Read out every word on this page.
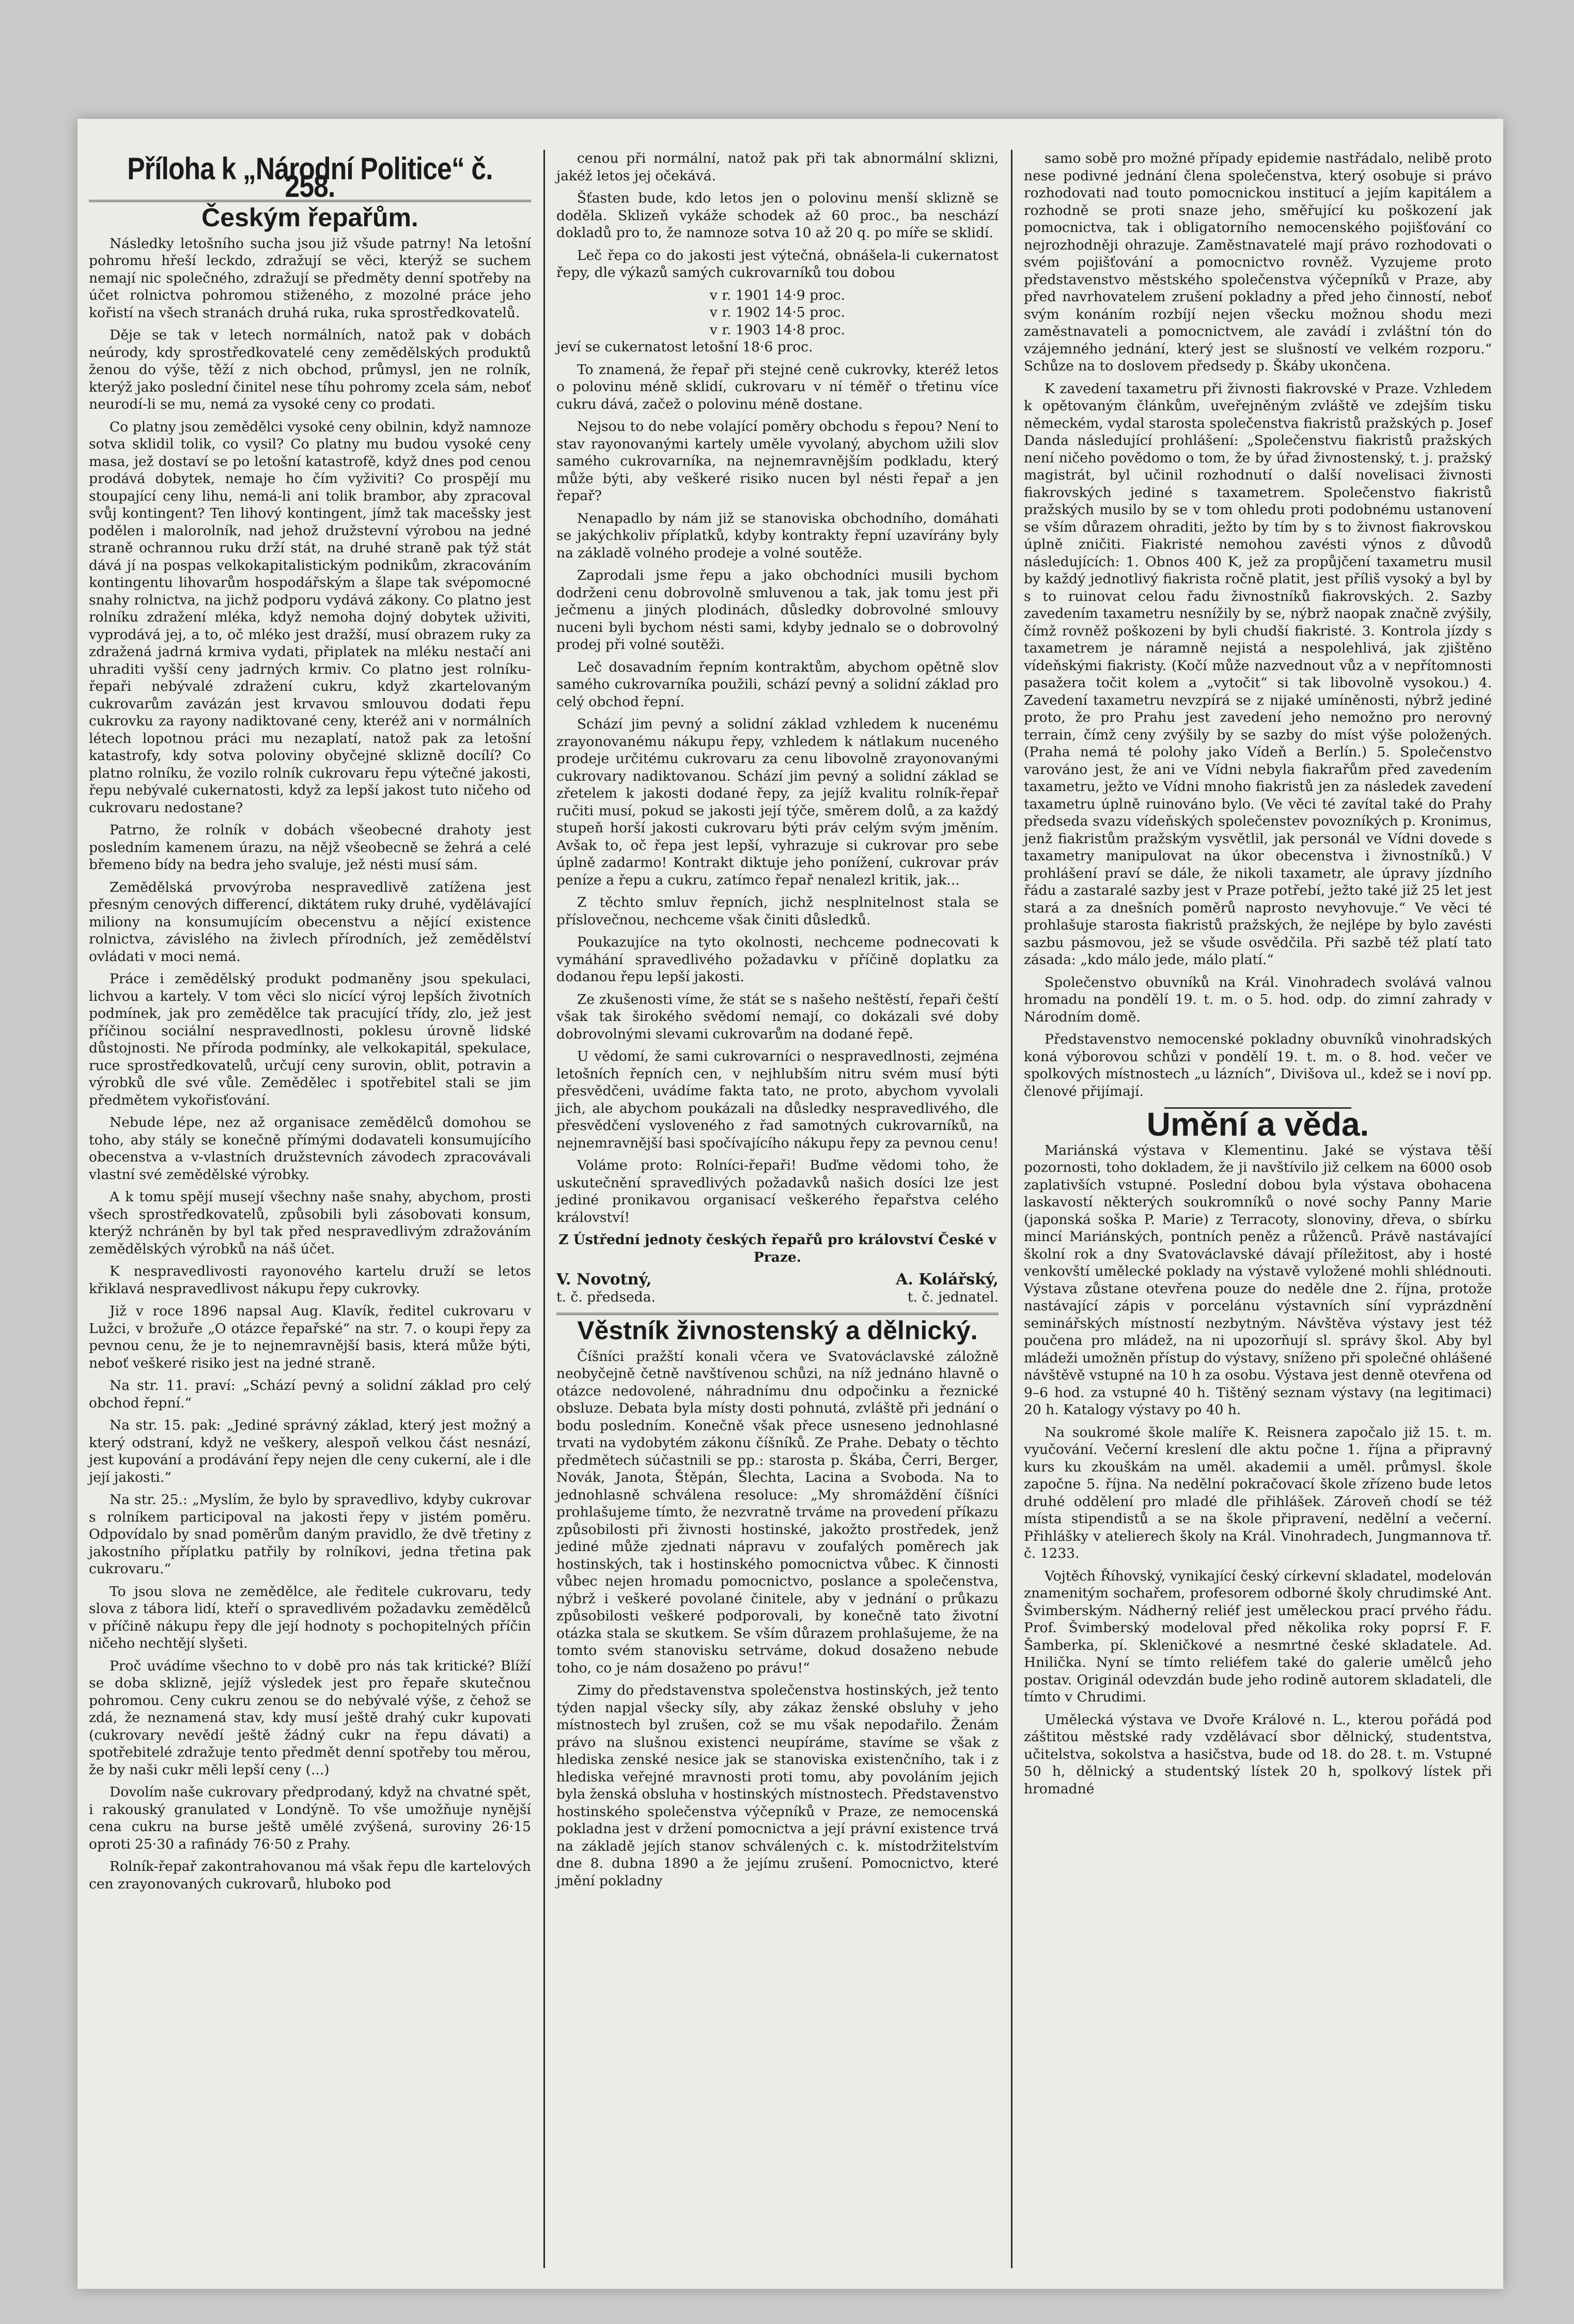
Příloha k „Národní Politice“ č. 258.
Českým řepařům.

Následky letošního sucha jsou již všude patrny! Na letošní pohromu hřeší leckdo, zdražují se věci, kterýž se suchem nemají nic společného, zdražují se předměty denní spotřeby na účet rolnictva pohromou stiženého, z mozolné práce jeho kořistí na všech stranách druhá ruka, ruka sprostředkovatelů.

Děje se tak v letech normálních, natož pak v dobách neúrody, kdy sprostředkovatelé ceny zemědělských produktů ženou do výše, těží z nich obchod, průmysl, jen ne rolník, kterýž jako poslední činitel nese tíhu pohromy zcela sám, neboť neurodí-li se mu, nemá za vysoké ceny co prodati.

Co platny jsou zemědělci vysoké ceny obilnin, když namnoze sotva sklidil tolik, co vysil? Co platny mu budou vysoké ceny masa, jež dostaví se po letošní katastrofě, když dnes pod cenou prodává dobytek, nemaje ho čím vyživiti? Co prospějí mu stoupající ceny lihu, nemá-li ani tolik brambor, aby zpracoval svůj kontingent? Ten lihový kontingent, jímž tak macešsky jest podělen i malorolník, nad jehož družstevní výrobou na jedné straně ochrannou ruku drží stát, na druhé straně pak týž stát dává jí na pospas velkokapitalistickým podnikům, zkracováním kontingentu lihovarům hospodářským a šlape tak svépomocné snahy rolnictva, na jichž podporu vydává zákony. Co platno jest rolníku zdražení mléka, když nemoha dojný dobytek uživiti, vyprodává jej, a to, oč mléko jest dražší, musí obrazem ruky za zdražená jadrná krmiva vydati, připlatek na mléku nestačí ani uhraditi vyšší ceny jadrných krmiv. Co platno jest rolníku-řepaři nebývalé zdražení cukru, když zkartelovaným cukrovarům zavázán jest krvavou smlouvou dodati řepu cukrovku za rayony nadiktované ceny, kteréž ani v normálních létech lopotnou práci mu nezaplatí, natož pak za letošní katastrofy, kdy sotva poloviny obyčejné sklizně docílí? Co platno rolníku, že vozilo rolník cukrovaru řepu výtečné jakosti, řepu nebývalé cukernatosti, když za lepší jakost tuto ničeho od cukrovaru nedostane?

Patrno, že rolník v dobách všeobecné drahoty jest posledním kamenem úrazu, na nějž všeobecně se žehrá a celé břemeno bídy na bedra jeho svaluje, jež nésti musí sám.

Zemědělská prvovýroba nespravedlivě zatížena jest přesným cenových differencí, diktátem ruky druhé, vydělávající miliony na konsumujícím obecenstvu a nějící existence rolnictva, závislého na živlech přírodních, jež zemědělství ovládati v moci nemá.

Práce i zemědělský produkt podmaněny jsou spekulaci, lichvou a kartely. V tom věci slo nicící výroj lepších životních podmínek, jak pro zemědělce tak pracující třídy, zlo, jež jest příčinou sociální nespravedlnosti, poklesu úrovně lidské důstojnosti. Ne příroda podmínky, ale velkokapitál, spekulace, ruce sprostředkovatelů, určují ceny surovin, oblit, potravin a výrobků dle své vůle. Zemědělec i spotřebitel stali se jim předmětem vykořisťování.

Nebude lépe, nez až organisace zemědělců domohou se toho, aby stály se konečně přímými dodavateli konsumujícího obecenstva a v-vlastních družstevních závodech zpracovávali vlastní své zemědělské výrobky.

A k tomu spějí musejí všechny naše snahy, abychom, prosti všech sprostředkovatelů, způsobili byli zásobovati konsum, kterýž nchráněn by byl tak před nespravedlivým zdražováním zemědělských výrobků na náš účet.

K nespravedlivosti rayonového kartelu druží se letos křiklavá nespravedlivost nákupu řepy cukrovky.

Již v roce 1896 napsal Aug. Klavík, ředitel cukrovaru v Lužci, v brožuře „O otázce řepařské“ na str. 7. o koupi řepy za pevnou cenu, že je to nejnemravnější basis, která může býti, neboť veškeré risiko jest na jedné straně.

Na str. 11. praví: „Schází pevný a solidní základ pro celý obchod řepní.“

Na str. 15. pak: „Jediné správný základ, který jest možný a který odstraní, když ne veškery, alespoň velkou část nesnází, jest kupování a prodávání řepy nejen dle ceny cukerní, ale i dle její jakosti.“

Na str. 25.: „Myslím, že bylo by spravedlivo, kdyby cukrovar s rolníkem participoval na jakosti řepy v jistém poměru. Odpovídalo by snad poměrům daným pravidlo, že dvě třetiny z jakostního příplatku patřily by rolníkovi, jedna třetina pak cukrovaru.“

To jsou slova ne zemědělce, ale ředitele cukrovaru, tedy slova z tábora lidí, kteří o spravedlivém požadavku zemědělců v příčině nákupu řepy dle její hodnoty s pochopitelných příčin ničeho nechtějí slyšeti.

Proč uvádíme všechno to v době pro nás tak kritické? Blíží se doba sklizně, jejíž výsledek jest pro řepaře skutečnou pohromou. Ceny cukru zenou se do nebývalé výše, z čehož se zdá, že neznamená stav, kdy musí ještě drahý cukr kupovati (cukrovary nevědí ještě žádný cukr na řepu dávati) a spotřebitelé zdražuje tento předmět denní spotřeby tou měrou, že by naši cukr měli lepší ceny (...)

Dovolím naše cukrovary předprodaný, když na chvatné spět, i rakouský granulated v Londýně. To vše umožňuje nynější cena cukru na burse ještě umělé zvýšená, suroviny 26·15 oproti 25·30 a rafinády 76·50 z Prahy.

Rolník-řepař zakontrahovanou má však řepu dle kartelových cen zrayonovaných cukrovarů, hluboko pod

cenou při normální, natož pak při tak abnormální sklizni, jakéž letos jej očekává.

Šťasten bude, kdo letos jen o polovinu menší sklizně se doděla. Sklizeň vykáže schodek až 60 proc., ba neschází dokladů pro to, že namnoze sotva 10 až 20 q. po míře se sklidí.

Leč řepa co do jakosti jest výtečná, obnášela-li cukernatost řepy, dle výkazů samých cukrovarníků tou dobou

v r. 1901 14·9 proc.

v r. 1902 14·5 proc.

v r. 1903 14·8 proc.

jeví se cukernatost letošní 18·6 proc.

To znamená, že řepař při stejné ceně cukrovky, kteréž letos o polovinu méně sklidí, cukrovaru v ní téměř o třetinu více cukru dává, začež o polovinu méně dostane.

Nejsou to do nebe volající poměry obchodu s řepou? Není to stav rayonovanými kartely uměle vyvolaný, abychom užili slov samého cukrovarníka, na nejnemravnějším podkladu, který může býti, aby veškeré risiko nucen byl nésti řepař a jen řepař?

Nenapadlo by nám již se stanoviska obchodního, domáhati se jakýchkoliv příplatků, kdyby kontrakty řepní uzavírány byly na základě volného prodeje a volné soutěže.

Zaprodali jsme řepu a jako obchodníci musili bychom dodrženi cenu dobrovolně smluvenou a tak, jak tomu jest při ječmenu a jiných plodinách, důsledky dobrovolné smlouvy nuceni byli bychom nésti sami, kdyby jednalo se o dobrovolný prodej při volné soutěži.

Leč dosavadním řepním kontraktům, abychom opětně slov samého cukrovarníka použili, schází pevný a solidní základ pro celý obchod řepní.

Schází jim pevný a solidní základ vzhledem k nucenému zrayonovanému nákupu řepy, vzhledem k nátlakum nuceného prodeje určitému cukrovaru za cenu libovolně zrayonovanými cukrovary nadiktovanou. Schází jim pevný a solidní základ se zřetelem k jakosti dodané řepy, za jejíž kvalitu rolník-řepař ručiti musí, pokud se jakosti její týče, směrem dolů, a za každý stupeň horší jakosti cukrovaru býti práv celým svým jměním. Avšak to, oč řepa jest lepší, vyhrazuje si cukrovar pro sebe úplně zadarmo! Kontrakt diktuje jeho ponížení, cukrovar práv peníze a řepu a cukru, zatímco řepař nenalezl kritik, jak...

Z těchto smluv řepních, jichž nesplnitelnost stala se příslovečnou, nechceme však činiti důsledků.

Poukazujíce na tyto okolnosti, nechceme podnecovati k vymáhání spravedlivého požadavku v příčině doplatku za dodanou řepu lepší jakosti.

Ze zkušenosti víme, že stát se s našeho neštěstí, řepaři čeští však tak širokého svědomí nemají, co dokázali své doby dobrovolnými slevami cukrovarům na dodané řepě.

U vědomí, že sami cukrovarníci o nespravedlnosti, zejména letošních řepních cen, v nejhlubším nitru svém musí býti přesvědčeni, uvádíme fakta tato, ne proto, abychom vyvolali jich, ale abychom poukázali na důsledky nespravedlivého, dle přesvědčení vysloveného z řad samotných cukrovarníků, na nejnemravnější basi spočívajícího nákupu řepy za pevnou cenu!

Voláme proto: Rolníci-řepaři! Buďme vědomi toho, že uskutečnění spravedlivých požadavků našich dosíci lze jest jediné pronikavou organisací veškerého řepařstva celého království!

Z Ústřední jednoty českých řepařů pro království České v Praze.

V. Novotný,	A. Kolářský,
t. č. předseda.	t. č. jednatel.
Věstník živnostenský a dělnický.

Číšníci pražští konali včera ve Svatováclavské záložně neobyčejně četně navštívenou schůzi, na níž jednáno hlavně o otázce nedovolené, náhradnímu dnu odpočinku a řeznické obsluze. Debata byla místy dosti pohnutá, zvláště při jednání o bodu posledním. Konečně však přece usneseno jednohlasné trvati na vydobytém zákonu číšníků. Ze Prahe. Debaty o těchto předmětech súčastnili se pp.: starosta p. Škába, Čerri, Berger, Novák, Janota, Štěpán, Šlechta, Lacina a Svoboda. Na to jednohlasně schválena resoluce: „My shromáždění číšníci prohlašujeme tímto, že nezvratně trváme na provedení příkazu způsobilosti při živnosti hostinské, jakožto prostředek, jenž jediné může zjednati nápravu v zoufalých poměrech jak hostinských, tak i hostinského pomocnictva vůbec. K činnosti vůbec nejen hromadu pomocnictvo, poslance a společenstva, nýbrž i veškeré povolané činitele, aby v jednání o průkazu způsobilosti veškeré podporovali, by konečně tato životní otázka stala se skutkem. Se vším důrazem prohlašujeme, že na tomto svém stanovisku setrváme, dokud dosaženo nebude toho, co je nám dosaženo po právu!“

Zimy do představenstva společenstva hostinských, jež tento týden napjal všecky síly, aby zákaz ženské obsluhy v jeho místnostech byl zrušen, což se mu však nepodařilo. Ženám právo na slušnou existenci neupíráme, stavíme se však z hlediska zenské nesice jak se stanoviska existenčního, tak i z hlediska veřejné mravnosti proti tomu, aby povoláním jejich byla ženská obsluha v hostinských místnostech. Představenstvo hostinského společenstva výčepníků v Praze, ze nemocenská pokladna jest v držení pomocnictva a její právní existence trvá na základě jejích stanov schválených c. k. místodržitelstvím dne 8. dubna 1890 a že jejímu zrušení. Pomocnictvo, které jmění pokladny

samo sobě pro možné případy epidemie nastřádalo, nelibě proto nese podivné jednání člena společenstva, který osobuje si právo rozhodovati nad touto pomocnickou institucí a jejím kapitálem a rozhodně se proti snaze jeho, směřující ku poškození jak pomocnictva, tak i obligatorního nemocenského pojišťování co nejrozhodněji ohrazuje. Zaměstnavatelé mají právo rozhodovati o svém pojišťování a pomocnictvo rovněž. Vyzujeme proto představenstvo městského společenstva výčepníků v Praze, aby před navrhovatelem zrušení pokladny a před jeho činností, neboť svým konáním rozbíjí nejen všecku možnou shodu mezi zaměstnavateli a pomocnictvem, ale zavádí i zvláštní tón do vzájemného jednání, který jest se slušností ve velkém rozporu.“ Schůze na to doslovem předsedy p. Škáby ukončena.

K zavedení taxametru při živnosti fiakrovské v Praze. Vzhledem k opětovaným článkům, uveřejněným zvláště ve zdejším tisku německém, vydal starosta společenstva fiakristů pražských p. Josef Danda následující prohlášení: „Společenstvu fiakristů pražských není ničeho povědomo o tom, že by úřad živnostenský, t. j. pražský magistrát, byl učinil rozhodnutí o další novelisaci živnosti fiakrovských jediné s taxametrem. Společenstvo fiakristů pražských musilo by se v tom ohledu proti podobnému ustanovení se vším důrazem ohraditi, ježto by tím by s to živnost fiakrovskou úplně zničiti. Fiakristé nemohou zavésti výnos z důvodů následujících: 1. Obnos 400 K, jež za propůjčení taxametru musil by každý jednotlivý fiakrista ročně platit, jest příliš vysoký a byl by s to ruinovat celou řadu živnostníků fiakrovských. 2. Sazby zavedením taxametru nesnížily by se, nýbrž naopak značně zvýšily, čímž rovněž poškozeni by byli chudší fiakristé. 3. Kontrola jízdy s taxametrem je náramně nejistá a nespolehlivá, jak zjištěno vídeňskými fiakristy. (Kočí může nazvednout vůz a v nepřítomnosti pasažera točit kolem a „vytočit“ si tak libovolně vysokou.) 4. Zavedení taxametru nevzpírá se z nijaké umíněnosti, nýbrž jediné proto, že pro Prahu jest zavedení jeho nemožno pro nerovný terrain, čímž ceny zvýšily by se sazby do míst výše položených. (Praha nemá té polohy jako Vídeň a Berlín.) 5. Společenstvo varováno jest, že ani ve Vídni nebyla fiakrařům před zavedením taxametru, ježto ve Vídni mnoho fiakristů jen za následek zavedení taxametru úplně ruinováno bylo. (Ve věci té zavítal také do Prahy předseda svazu vídeňských společenstev povozníkých p. Kronimus, jenž fiakristům pražským vysvětlil, jak personál ve Vídni dovede s taxametry manipulovat na úkor obecenstva i živnostníků.) V prohlášení praví se dále, že nikoli taxametr, ale úpravy jízdního řádu a zastaralé sazby jest v Praze potřebí, ježto také již 25 let jest stará a za dnešních poměrů naprosto nevyhovuje.“ Ve věci té prohlašuje starosta fiakristů pražských, že nejlépe by bylo zavésti sazbu pásmovou, jež se všude osvědčila. Při sazbě též platí tato zásada: „kdo málo jede, málo platí.“

Společenstvo obuvníků na Král. Vinohradech svolává valnou hromadu na pondělí 19. t. m. o 5. hod. odp. do zimní zahrady v Národním domě.

Představenstvo nemocenské pokladny obuvníků vinohradských koná výborovou schůzi v pondělí 19. t. m. o 8. hod. večer ve spolkových místnostech „u lázních“, Divišova ul., kdež se i noví pp. členové přijímají.

Umění a věda.

Mariánská výstava v Klementinu. Jaké se výstava těší pozornosti, toho dokladem, že ji navštívilo již celkem na 6000 osob zaplativších vstupné. Poslední dobou byla výstava obohacena laskavostí některých soukromníků o nové sochy Panny Marie (japonská soška P. Marie) z Terracoty, slonoviny, dřeva, o sbírku mincí Mariánských, pontních peněz a růženců. Právě nastávající školní rok a dny Svatováclavské dávají příležitost, aby i hosté venkovští umělecké poklady na výstavě vyložené mohli shlédnouti. Výstava zůstane otevřena pouze do neděle dne 2. října, protože nastávající zápis v porcelánu výstavních síní vyprázdnění seminářských místností nezbytným. Návštěva výstavy jest též poučena pro mládež, na ni upozorňují sl. správy škol. Aby byl mládeži umožněn přístup do výstavy, sníženo při společné ohlášené návštěvě vstupné na 10 h za osobu. Výstava jest denně otevřena od 9–6 hod. za vstupné 40 h. Tištěný seznam výstavy (na legitimaci) 20 h. Katalogy výstavy po 40 h.

Na soukromé škole malíře K. Reisnera započalo již 15. t. m. vyučování. Večerní kreslení dle aktu počne 1. října a připravný kurs ku zkouškám na uměl. akademii a uměl. průmysl. škole započne 5. října. Na nedělní pokračovací škole zřízeno bude letos druhé oddělení pro mladé dle přihlášek. Zároveň chodí se též místa stipendistů a se na škole připravení, nedělní a večerní. Přihlášky v atelierech školy na Král. Vinohradech, Jungmannova tř. č. 1233.

Vojtěch Říhovský, vynikající český církevní skladatel, modelován znamenitým sochařem, profesorem odborné školy chrudimské Ant. Švimberským. Nádherný reliéf jest uměleckou prací prvého řádu. Prof. Švimberský modeloval před několika roky poprsí F. F. Šamberka, pí. Skleničkové a nesmrtné české skladatele. Ad. Hnilička. Nyní se tímto reliéfem také do galerie umělců jeho postav. Originál odevzdán bude jeho rodině autorem skladateli, dle tímto v Chrudimi.

Umělecká výstava ve Dvoře Králové n. L., kterou pořádá pod záštitou městské rady vzdělávací sbor dělnický, studentstva, učitelstva, sokolstva a hasičstva, bude od 18. do 28. t. m. Vstupné 50 h, dělnický a studentský lístek 20 h, spolkový lístek při hromadné
